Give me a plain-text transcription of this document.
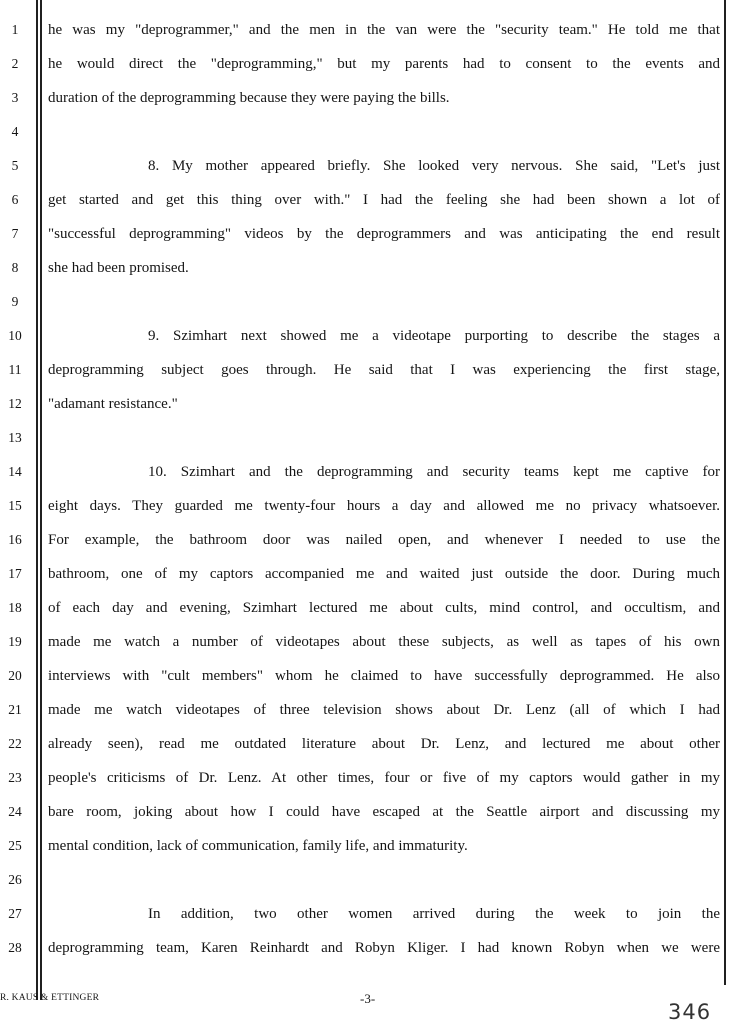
1
2
3
4
5
6
7
8
9
10
11
12
13
14
15
16
17
18
19
20
21
22
23
24
25
26
27
28
he was my "deprogrammer," and the men in the van were the "security team." He told me that
he would direct the "deprogramming," but my parents had to consent to the events and
duration of the deprogramming because they were paying the bills.
8. My mother appeared briefly. She looked very nervous. She said, "Let's just
get started and get this thing over with." I had the feeling she had been shown a lot of
"successful deprogramming" videos by the deprogrammers and was anticipating the end result
she had been promised.
9. Szimhart next showed me a videotape purporting to describe the stages a
deprogramming subject goes through. He said that I was experiencing the first stage,
"adamant resistance."
10. Szimhart and the deprogramming and security teams kept me captive for
eight days. They guarded me twenty-four hours a day and allowed me no privacy whatsoever.
For example, the bathroom door was nailed open, and whenever I needed to use the
bathroom, one of my captors accompanied me and waited just outside the door. During much
of each day and evening, Szimhart lectured me about cults, mind control, and occultism, and
made me watch a number of videotapes about these subjects, as well as tapes of his own
interviews with "cult members" whom he claimed to have successfully deprogrammed. He also
made me watch videotapes of three television shows about Dr. Lenz (all of which I had
already seen), read me outdated literature about Dr. Lenz, and lectured me about other
people's criticisms of Dr. Lenz. At other times, four or five of my captors would gather in my
bare room, joking about how I could have escaped at the Seattle airport and discussing my
mental condition, lack of communication, family life, and immaturity.
In addition, two other women arrived during the week to join the
deprogramming team, Karen Reinhardt and Robyn Kliger. I had known Robyn when we were
R. KAUS & ETTINGER	-3-
346
